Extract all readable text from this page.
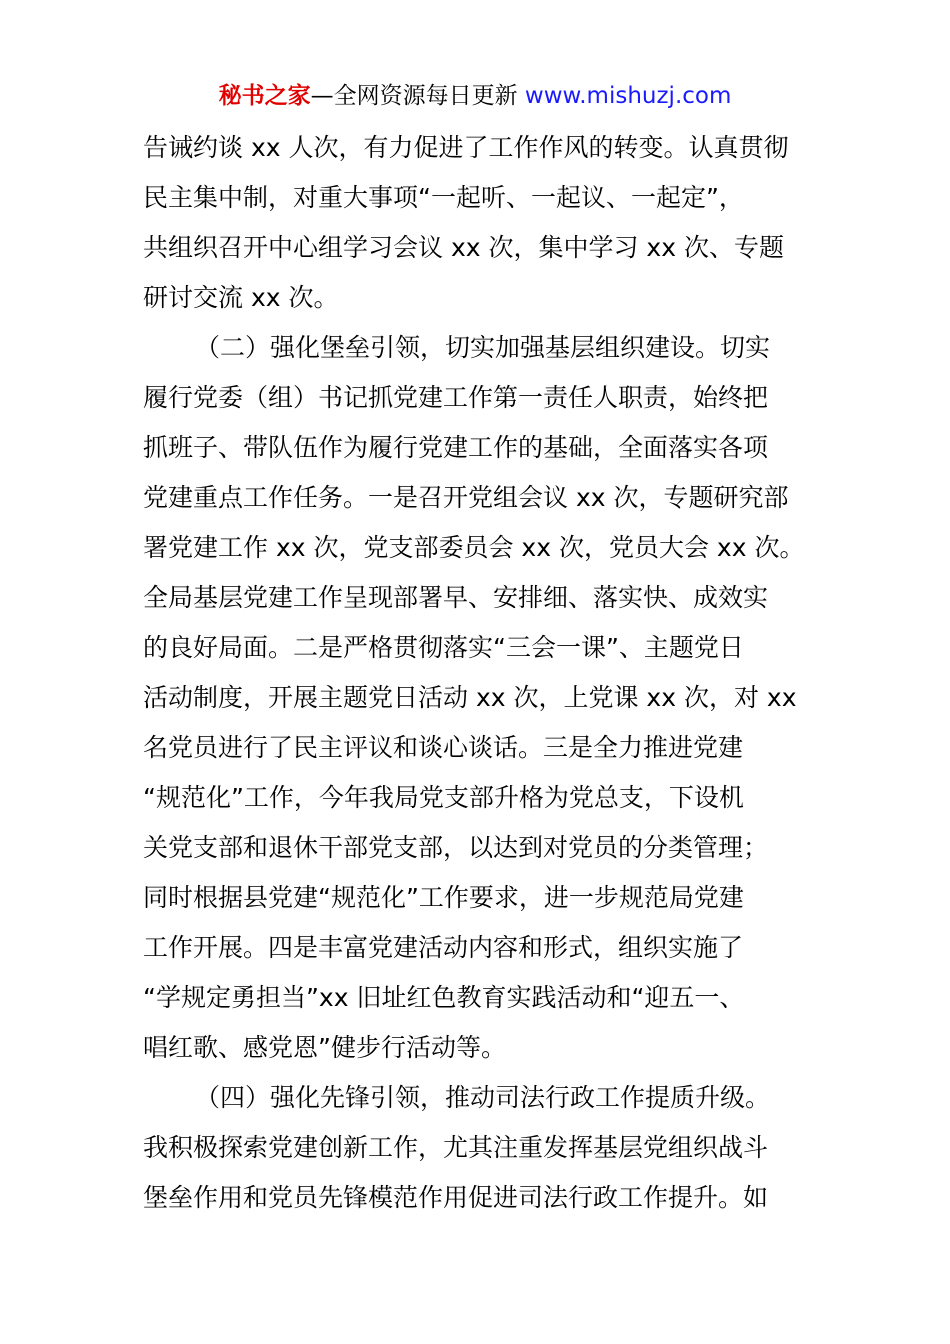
秘书之家—全网资源每日更新 www.mishuzj.com
告诫约谈 xx 人次，有力促进了工作作风的转变。认真贯彻
民主集中制，对重大事项“一起听、一起议、一起定”，
共组织召开中心组学习会议 xx 次，集中学习 xx 次、专题
研讨交流 xx 次。
（二）强化堡垒引领，切实加强基层组织建设。切实
履行党委（组）书记抓党建工作第一责任人职责，始终把
抓班子、带队伍作为履行党建工作的基础，全面落实各项
党建重点工作任务。一是召开党组会议 xx 次，专题研究部
署党建工作 xx 次，党支部委员会 xx 次，党员大会 xx 次。
全局基层党建工作呈现部署早、安排细、落实快、成效实
的良好局面。二是严格贯彻落实“三会一课”、主题党日
活动制度，开展主题党日活动 xx 次，上党课 xx 次，对 xx
名党员进行了民主评议和谈心谈话。三是全力推进党建
“规范化”工作，今年我局党支部升格为党总支，下设机
关党支部和退休干部党支部，以达到对党员的分类管理；
同时根据县党建“规范化”工作要求，进一步规范局党建
工作开展。四是丰富党建活动内容和形式，组织实施了
“学规定勇担当”xx 旧址红色教育实践活动和“迎五一、
唱红歌、感党恩”健步行活动等。
（四）强化先锋引领，推动司法行政工作提质升级。
我积极探索党建创新工作，尤其注重发挥基层党组织战斗
堡垒作用和党员先锋模范作用促进司法行政工作提升。如
